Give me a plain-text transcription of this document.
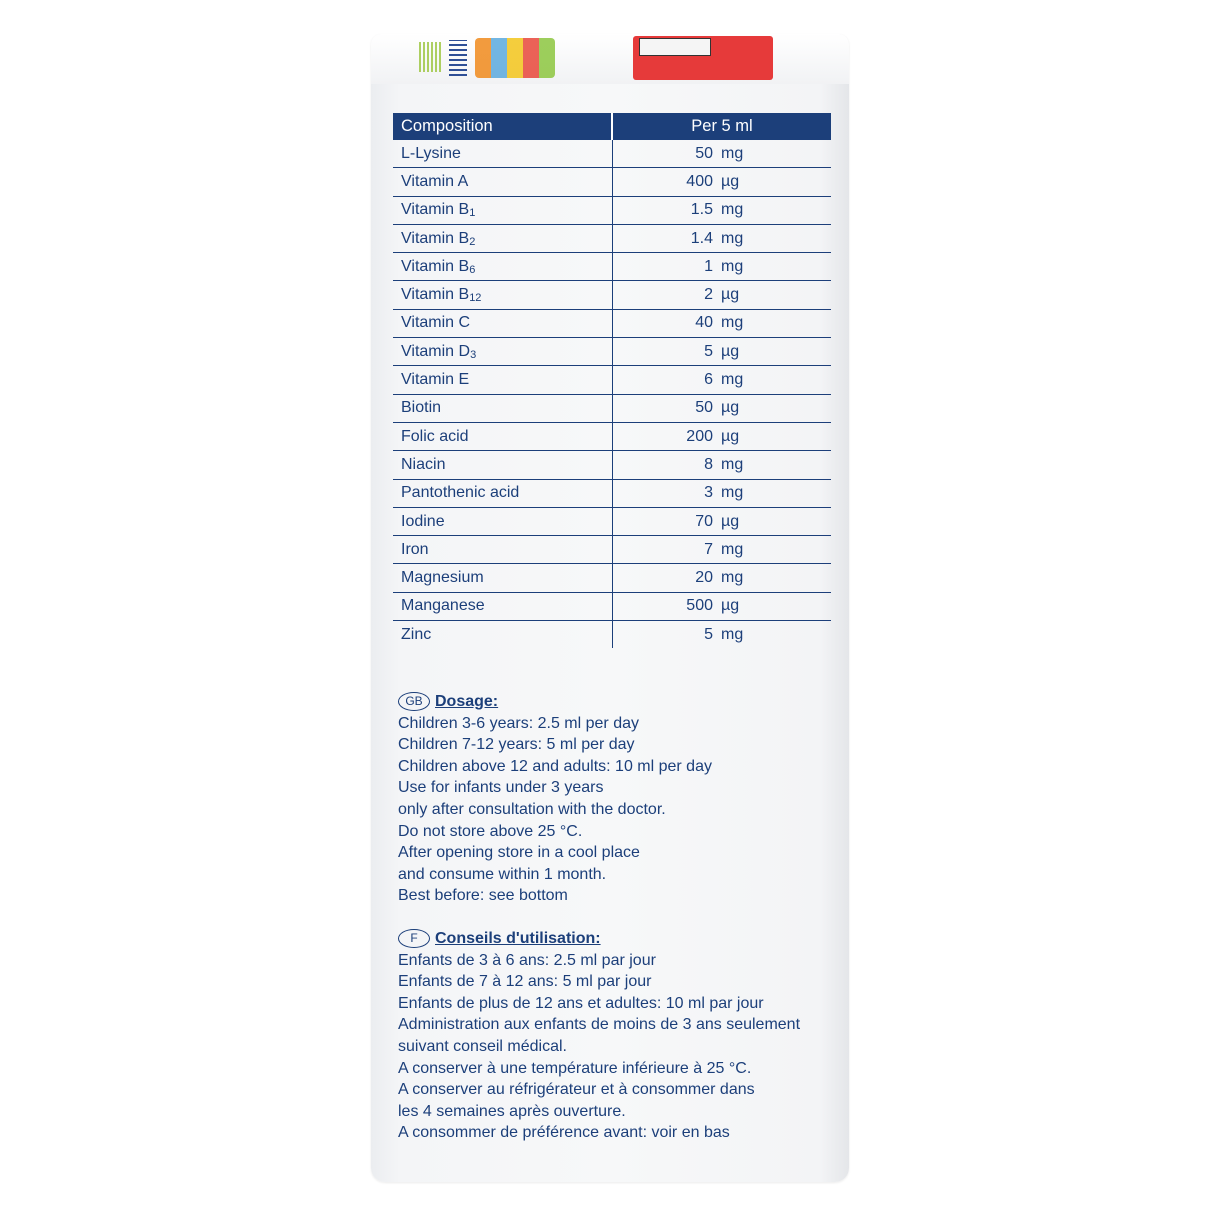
Composition	Per 5 ml
L-Lysine	50 mg
Vitamin A	400 µg
Vitamin $B_1$	1.5 mg
Vitamin $B_2$	1.4 mg
Vitamin $B_6$	1 mg
Vitamin $B_{12}$	2 µg
Vitamin C	40 mg
Vitamin $D_3$	5 µg
Vitamin E	6 mg
Biotin	50 µg
Folic acid	200 µg
Niacin	8 mg
Pantothenic acid	3 mg
Iodine	70 µg
Iron	7 mg
Magnesium	20 mg
Manganese	500 µg
Zinc	5 mg
GB Dosage:
Children 3-6 years: 2.5 ml per day
Children 7-12 years: 5 ml per day
Children above 12 and adults: 10 ml per day
Use for infants under 3 years
only after consultation with the doctor.
Do not store above 25 °C.
After opening store in a cool place
and consume within 1 month.
Best before: see bottom
F	Conseils d'utilisation:
Enfants de 3 à 6 ans: 2.5 ml par jour
Enfants de 7 à 12 ans: 5 ml par jour
Enfants de plus de 12 ans et adultes: 10 ml par jour
Administration aux enfants de moins de 3 ans seulement
suivant conseil médical.
A conserver à une température inférieure à 25 °C.
A conserver au réfrigérateur et à consommer dans
les 4 semaines après ouverture.
A consommer de préférence avant: voir en bas
